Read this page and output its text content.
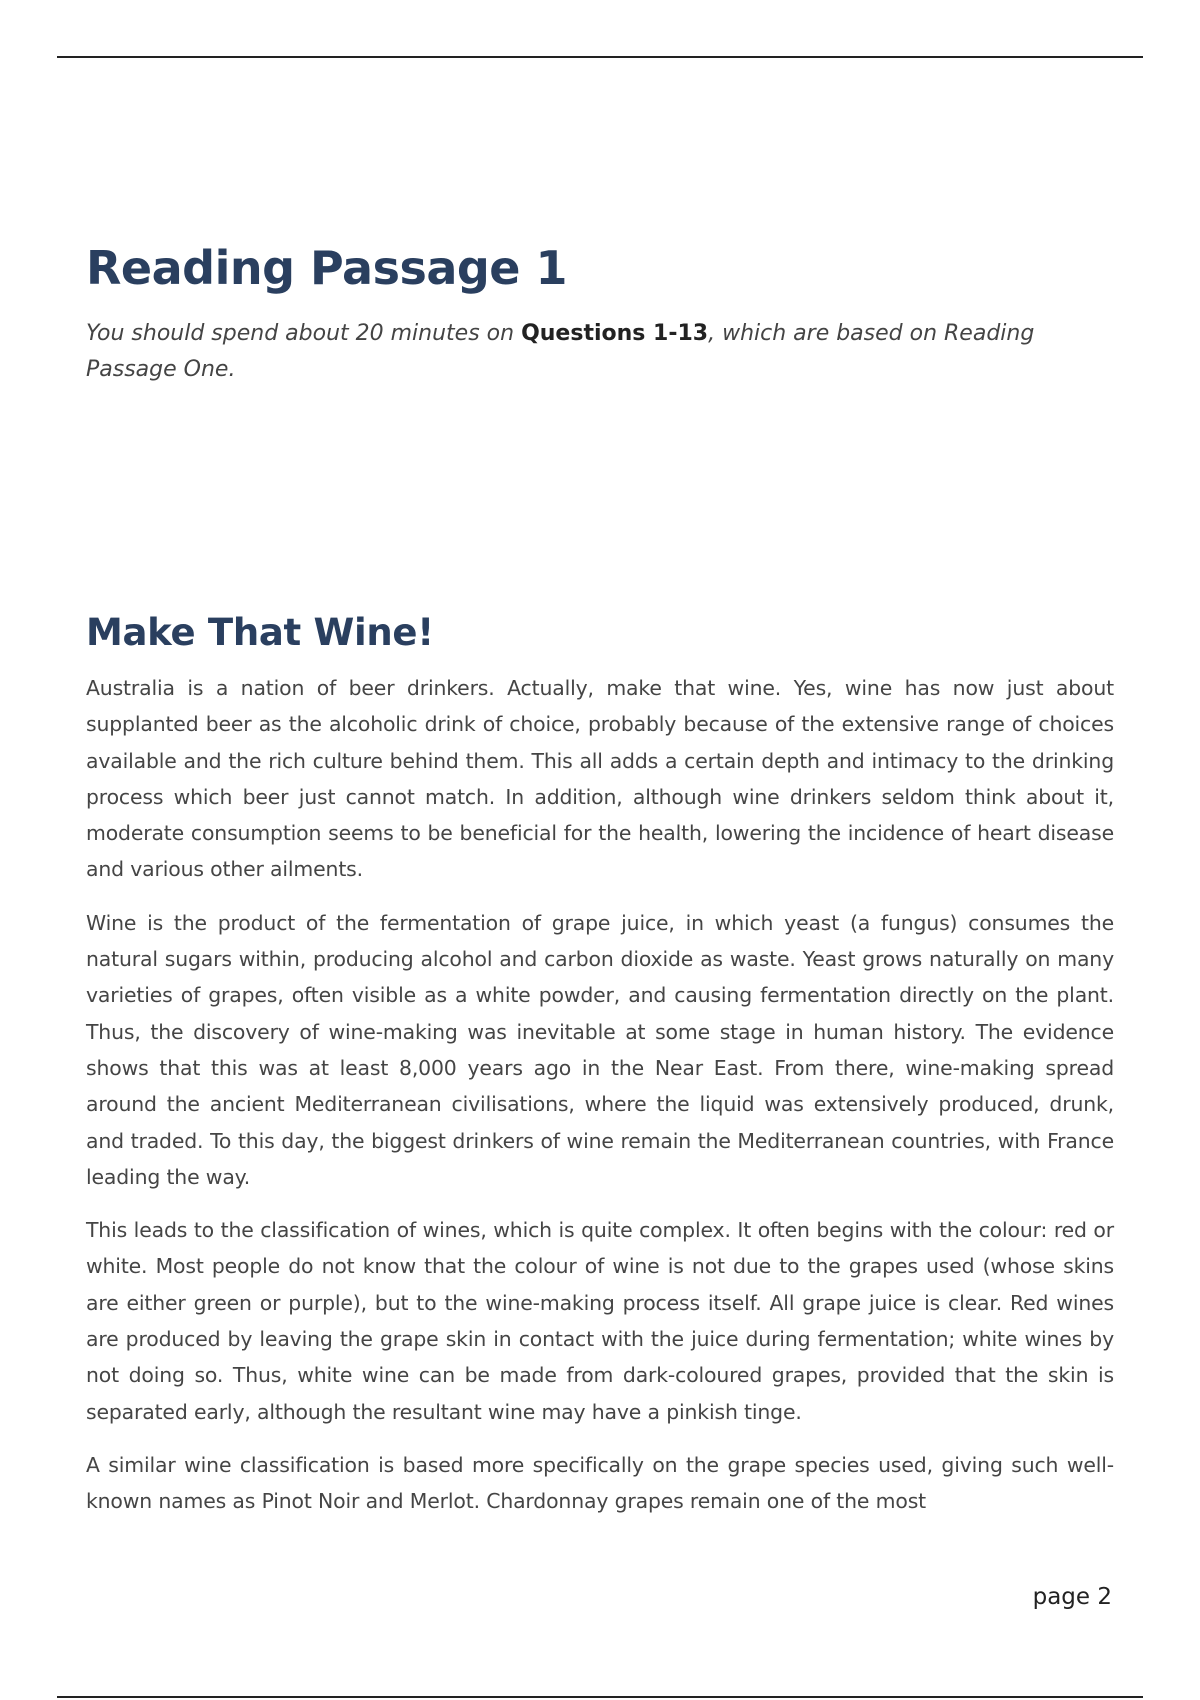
Reading Passage 1

You should spend about 20 minutes on Questions 1-13, which are based on Reading Passage One.

Make That Wine!

Australia is a nation of beer drinkers. Actually, make that wine. Yes, wine has now just about supplanted beer as the alcoholic drink of choice, probably because of the extensive range of choices available and the rich culture behind them. This all adds a certain depth and intimacy to the drinking process which beer just cannot match. In addition, although wine drinkers seldom think about it, moderate consumption seems to be beneficial for the health, lowering the incidence of heart disease and various other ailments.

Wine is the product of the fermentation of grape juice, in which yeast (a fungus) consumes the natural sugars within, producing alcohol and carbon dioxide as waste. Yeast grows naturally on many varieties of grapes, often visible as a white powder, and causing fermentation directly on the plant. Thus, the discovery of wine-making was inevitable at some stage in human history. The evidence shows that this was at least 8,000 years ago in the Near East. From there, wine-making spread around the ancient Mediterranean civilisations, where the liquid was extensively produced, drunk, and traded. To this day, the biggest drinkers of wine remain the Mediterranean countries, with France leading the way.

This leads to the classification of wines, which is quite complex. It often begins with the colour: red or white. Most people do not know that the colour of wine is not due to the grapes used (whose skins are either green or purple), but to the wine-making process itself. All grape juice is clear. Red wines are produced by leaving the grape skin in contact with the juice during fermentation; white wines by not doing so. Thus, white wine can be made from dark-coloured grapes, provided that the skin is separated early, although the resultant wine may have a pinkish tinge.

A similar wine classification is based more specifically on the grape species used, giving such well-known names as Pinot Noir and Merlot. Chardonnay grapes remain one of the most

page 2
